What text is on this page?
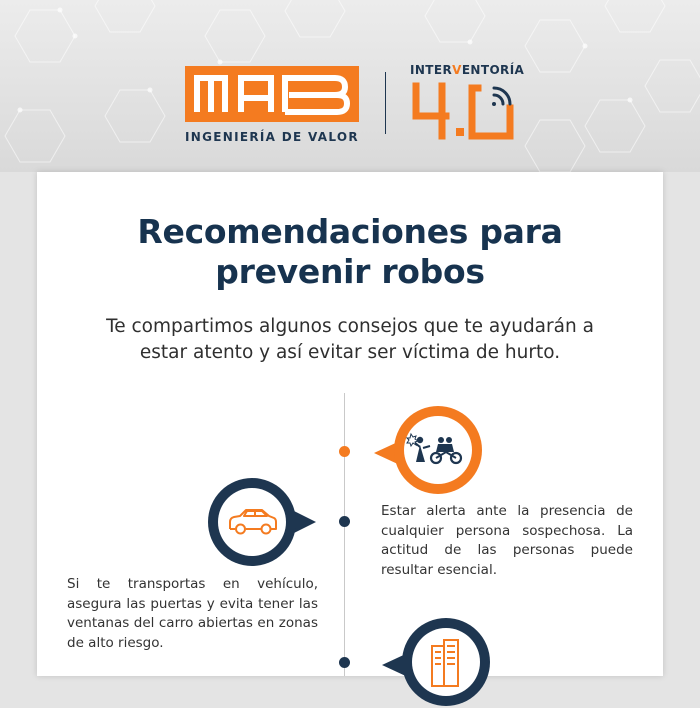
INGENIERÍA DE VALOR
INTERVENTORÍA
Recomendaciones para
prevenir robos
Te compartimos algunos consejos que te ayudarán a
estar atento y así evitar ser víctima de hurto.
Estar alerta ante la presencia de cualquier persona sospechosa. La actitud de las personas puede resultar esencial.
Si te transportas en vehículo, asegura las puertas y evita tener las ventanas del carro abiertas en zonas de alto riesgo.
